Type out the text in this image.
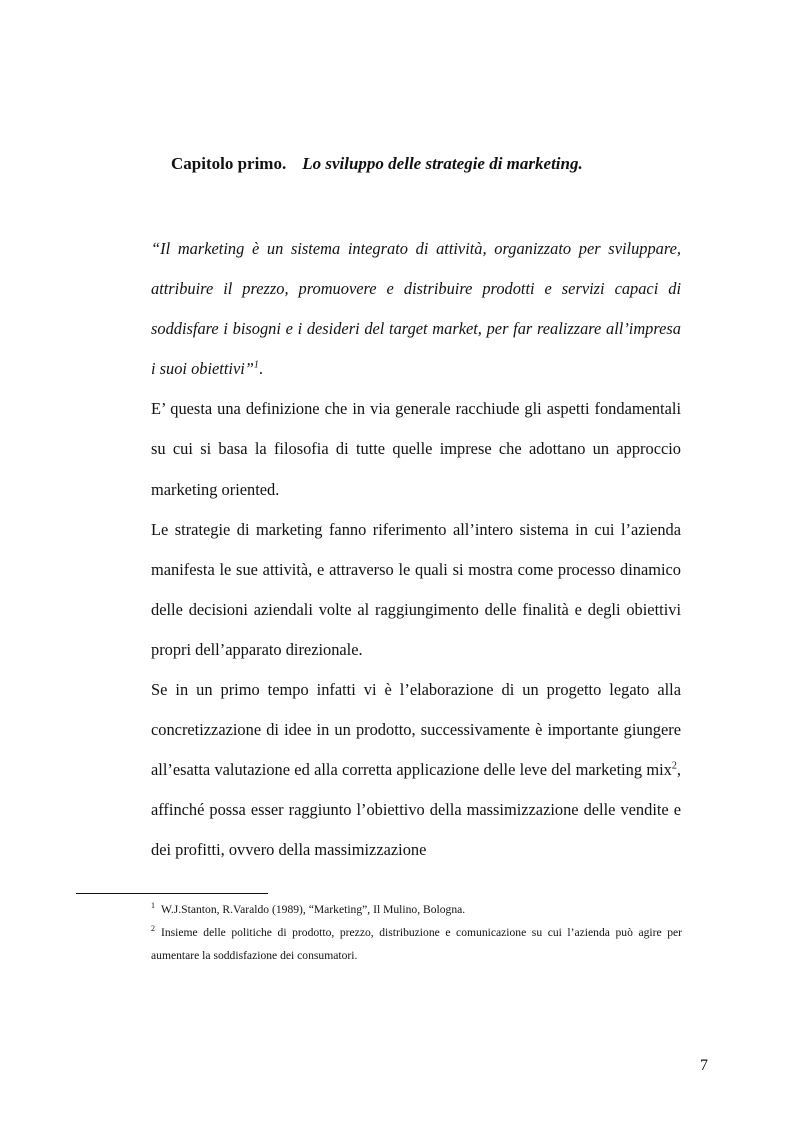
Capitolo primo. Lo sviluppo delle strategie di marketing.

“Il marketing è un sistema integrato di attività, organizzato per sviluppare, attribuire il prezzo, promuovere e distribuire prodotti e servizi capaci di soddisfare i bisogni e i desideri del target market, per far realizzare all’impresa i suoi obiettivi”$^1$.

E’ questa una definizione che in via generale racchiude gli aspetti fondamentali su cui si basa la filosofia di tutte quelle imprese che adottano un approccio marketing oriented.

Le strategie di marketing fanno riferimento all’intero sistema in cui l’azienda manifesta le sue attività, e attraverso le quali si mostra come processo dinamico delle decisioni aziendali volte al raggiungimento delle finalità e degli obiettivi propri dell’apparato direzionale.

Se in un primo tempo infatti vi è l’elaborazione di un progetto legato alla concretizzazione di idee in un prodotto, successivamente è importante giungere all’esatta valutazione ed alla corretta applicazione delle leve del marketing mix$^2$, affinché possa esser raggiunto l’obiettivo della massimizzazione delle vendite e dei profitti, ovvero della massimizzazione

$^1$ W.J.Stanton, R.Varaldo (1989), “Marketing”, Il Mulino, Bologna.

$^2$ Insieme delle politiche di prodotto, prezzo, distribuzione e comunicazione su cui l’azienda può agire per aumentare la soddisfazione dei consumatori.

7
